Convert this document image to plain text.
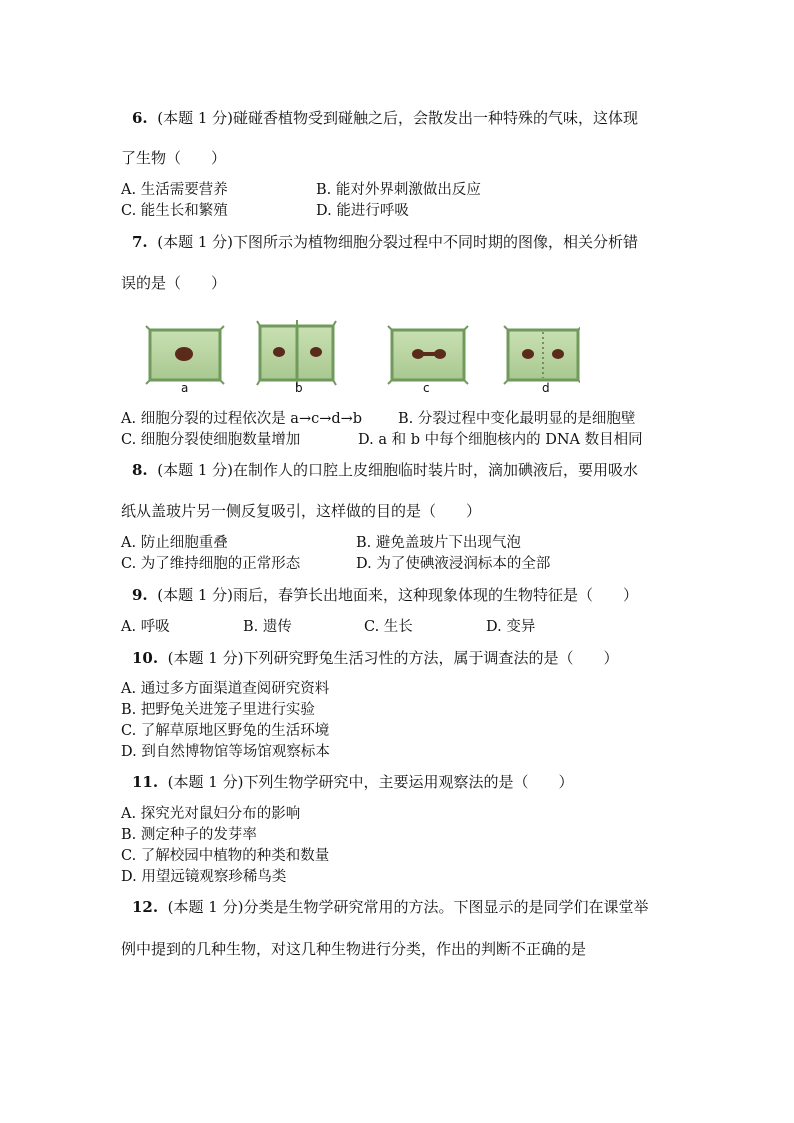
6. (本题 1 分)碰碰香植物受到碰触之后，会散发出一种特殊的气味，这体现
了生物（　　）
A. 生活需要营养	B. 能对外界刺激做出反应
C. 能生长和繁殖	D. 能进行呼吸
7. (本题 1 分)下图所示为植物细胞分裂过程中不同时期的图像，相关分析错
误的是（　　）
a	b	c	d
A. 细胞分裂的过程依次是 a→c→d→b B. 分裂过程中变化最明显的是细胞壁
C. 细胞分裂使细胞数量增加	D. a 和 b 中每个细胞核内的 DNA 数目相同
8. (本题 1 分)在制作人的口腔上皮细胞临时装片时，滴加碘液后，要用吸水
纸从盖玻片另一侧反复吸引，这样做的目的是（　　）
A. 防止细胞重叠	B. 避免盖玻片下出现气泡
C. 为了维持细胞的正常形态	D. 为了使碘液浸润标本的全部
9. (本题 1 分)雨后，春笋长出地面来，这种现象体现的生物特征是（　　）
A. 呼吸	B. 遗传	C. 生长	D. 变异
10. (本题 1 分)下列研究野兔生活习性的方法，属于调查法的是（　　）
A. 通过多方面渠道查阅研究资料
B. 把野兔关进笼子里进行实验
C. 了解草原地区野兔的生活环境
D. 到自然博物馆等场馆观察标本
11. (本题 1 分)下列生物学研究中，主要运用观察法的是（　　）
A. 探究光对鼠妇分布的影响
B. 测定种子的发芽率
C. 了解校园中植物的种类和数量
D. 用望远镜观察珍稀鸟类
12. (本题 1 分)分类是生物学研究常用的方法。下图显示的是同学们在课堂举
例中提到的几种生物，对这几种生物进行分类，作出的判断不正确的是
